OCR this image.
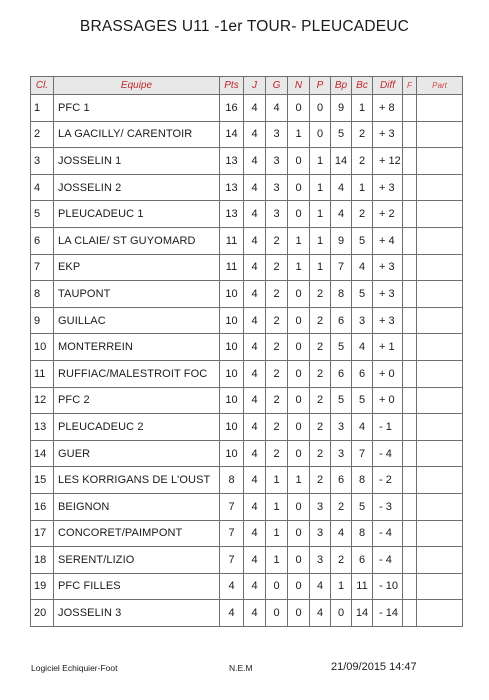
BRASSAGES U11 -1er TOUR- PLEUCADEUC
Cl.	Equipe	Pts	J	G	N	P	Bp	Bc	Diff	F	Part
1	PFC 1	16	4	4	0	0	9	1	+ 8		
2	LA GACILLY/ CARENTOIR	14	4	3	1	0	5	2	+ 3		
3	JOSSELIN 1	13	4	3	0	1	14	2	+ 12		
4	JOSSELIN 2	13	4	3	0	1	4	1	+ 3		
5	PLEUCADEUC 1	13	4	3	0	1	4	2	+ 2		
6	LA CLAIE/ ST GUYOMARD	11	4	2	1	1	9	5	+ 4		
7	EKP	11	4	2	1	1	7	4	+ 3		
8	TAUPONT	10	4	2	0	2	8	5	+ 3		
9	GUILLAC	10	4	2	0	2	6	3	+ 3		
10	MONTERREIN	10	4	2	0	2	5	4	+ 1		
11	RUFFIAC/MALESTROIT FOC	10	4	2	0	2	6	6	+ 0		
12	PFC 2	10	4	2	0	2	5	5	+ 0		
13	PLEUCADEUC 2	10	4	2	0	2	3	4	- 1		
14	GUER	10	4	2	0	2	3	7	- 4		
15	LES KORRIGANS DE L'OUST	8	4	1	1	2	6	8	- 2		
16	BEIGNON	7	4	1	0	3	2	5	- 3		
17	CONCORET/PAIMPONT	7	4	1	0	3	4	8	- 4		
18	SERENT/LIZIO	7	4	1	0	3	2	6	- 4		
19	PFC FILLES	4	4	0	0	4	1	11	- 10		
20	JOSSELIN 3	4	4	0	0	4	0	14	- 14		
Logiciel Echiquier-Foot	N.E.M	21/09/2015 14:47
